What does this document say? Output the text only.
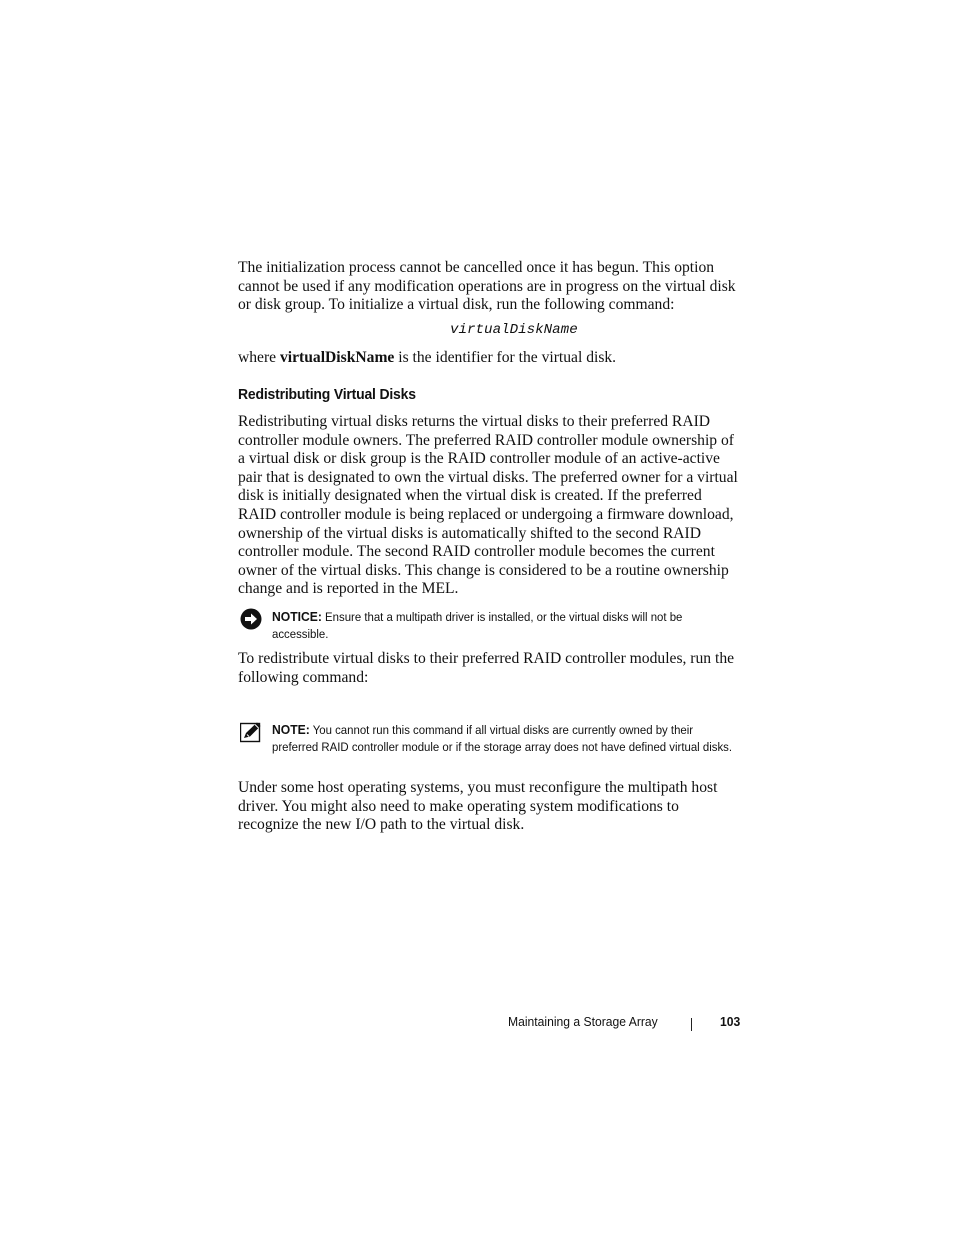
The initialization process cannot be cancelled once it has begun. This option cannot be used if any modification operations are in progress on the virtual disk or disk group. To initialize a virtual disk, run the following command:

virtualDiskName

where virtualDiskName is the identifier for the virtual disk.

Redistributing Virtual Disks

Redistributing virtual disks returns the virtual disks to their preferred RAID controller module owners. The preferred RAID controller module ownership of a virtual disk or disk group is the RAID controller module of an active-active pair that is designated to own the virtual disks. The preferred owner for a virtual disk is initially designated when the virtual disk is created. If the preferred RAID controller module is being replaced or undergoing a firmware download, ownership of the virtual disks is automatically shifted to the second RAID controller module. The second RAID controller module becomes the current owner of the virtual disks. This change is considered to be a routine ownership change and is reported in the MEL.

NOTICE: Ensure that a multipath driver is installed, or the virtual disks will not be accessible.

To redistribute virtual disks to their preferred RAID controller modules, run the following command:

NOTE: You cannot run this command if all virtual disks are currently owned by their preferred RAID controller module or if the storage array does not have defined virtual disks.

Under some host operating systems, you must reconfigure the multipath host driver. You might also need to make operating system modifications to recognize the new I/O path to the virtual disk.

Maintaining a Storage Array	103
